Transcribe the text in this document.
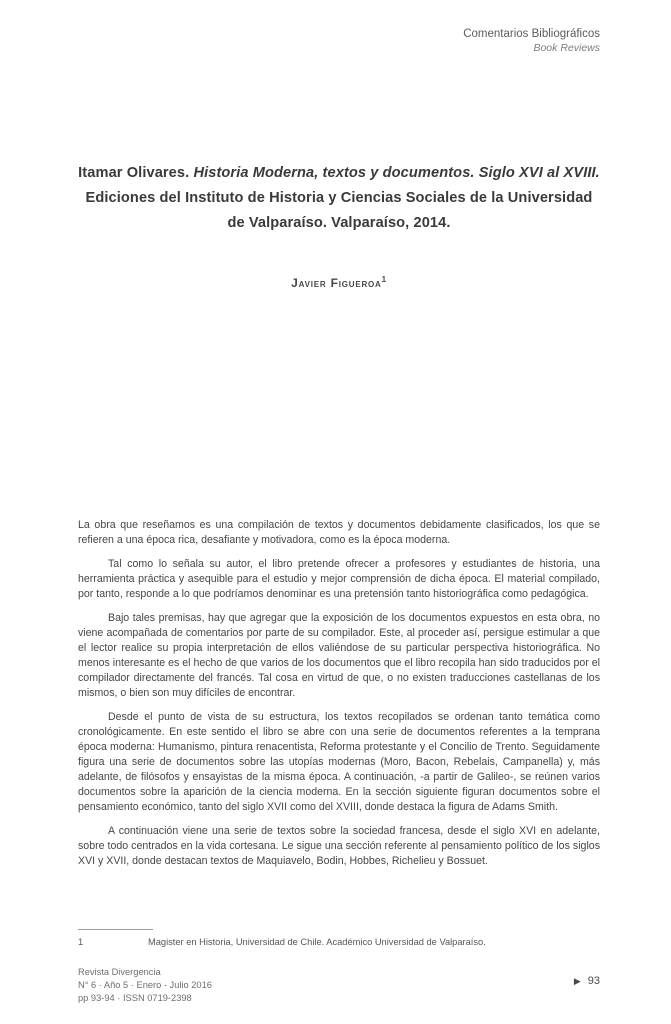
Comentarios Bibliográficos
Book Reviews
Itamar Olivares. Historia Moderna, textos y documentos. Siglo XVI al XVIII. Ediciones del Instituto de Historia y Ciencias Sociales de la Universidad de Valparaíso. Valparaíso, 2014.
Javier Figueroa$^1$

La obra que reseñamos es una compilación de textos y documentos debidamente clasificados, los que se refieren a una época rica, desafiante y motivadora, como es la época moderna.

Tal como lo señala su autor, el libro pretende ofrecer a profesores y estudiantes de historia, una herramienta práctica y asequible para el estudio y mejor comprensión de dicha época. El material compilado, por tanto, responde a lo que podríamos denominar es una pretensión tanto historiográfica como pedagógica.

Bajo tales premisas, hay que agregar que la exposición de los documentos expuestos en esta obra, no viene acompañada de comentarios por parte de su compilador. Este, al proceder así, persigue estimular a que el lector realice su propia interpretación de ellos valiéndose de su particular perspectiva historiográfica. No menos interesante es el hecho de que varios de los documentos que el libro recopila han sido traducidos por el compilador directamente del francés. Tal cosa en virtud de que, o no existen traducciones castellanas de los mismos, o bien son muy difíciles de encontrar.

Desde el punto de vista de su estructura, los textos recopilados se ordenan tanto temática como cronológicamente. En este sentido el libro se abre con una serie de documentos referentes a la temprana época moderna: Humanismo, pintura renacentista, Reforma protestante y el Concilio de Trento. Seguidamente figura una serie de documentos sobre las utopías modernas (Moro, Bacon, Rebelais, Campanella) y, más adelante, de filósofos y ensayistas de la misma época. A continuación, -a partir de Galileo-, se reúnen varios documentos sobre la aparición de la ciencia moderna. En la sección siguiente figuran documentos sobre el pensamiento económico, tanto del siglo XVII como del XVIII, donde destaca la figura de Adams Smith.

A continuación viene una serie de textos sobre la sociedad francesa, desde el siglo XVI en adelante, sobre todo centrados en la vida cortesana. Le sigue una sección referente al pensamiento político de los siglos XVI y XVII, donde destacan textos de Maquiavelo, Bodin, Hobbes, Richelieu y Bossuet.

1	Magister en Historia, Universidad de Chile. Académico Universidad de Valparaíso.
Revista Divergencia
N° 6 · Año 5 · Enero - Julio 2016
pp 93-94 · ISSN 0719-2398
▶ 93
